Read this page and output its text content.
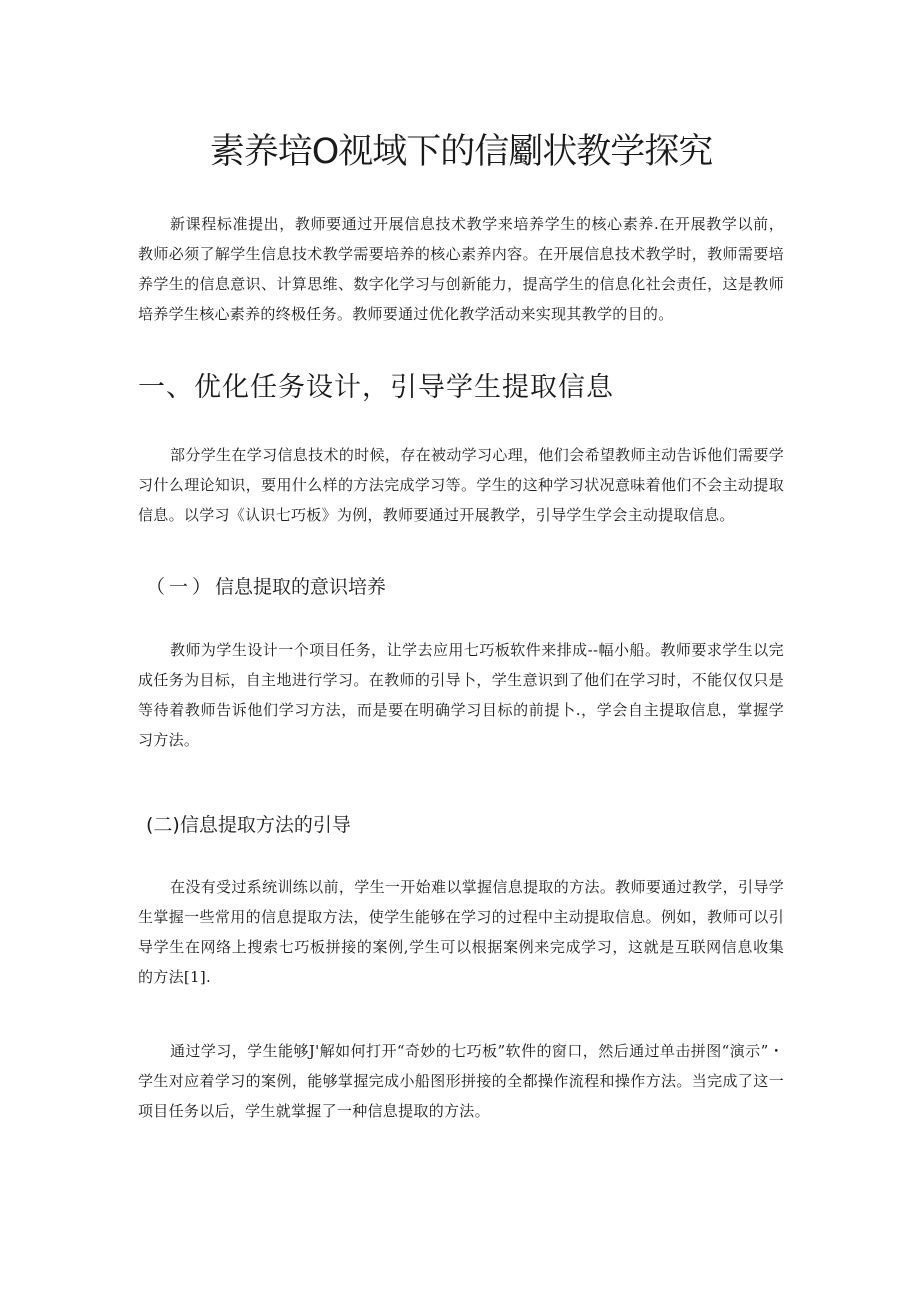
素养培O视域下的信劚状教学探究

新课程标准提出，教师要通过开展信息技术教学来培养学生的核心素养.在开展教学以前，教师必须了解学生信息技术教学需要培养的核心素养内容。在开展信息技术教学时，教师需要培养学生的信息意识、计算思维、数字化学习与创新能力，提高学生的信息化社会责任，这是教师培养学生核心素养的终极任务。教师要通过优化教学活动来实现其教学的目的。

一、优化任务设计，引导学生提取信息

部分学生在学习信息技术的时候，存在被动学习心理，他们会希望教师主动告诉他们需要学习什么理论知识，要用什么样的方法完成学习等。学生的这种学习状况意味着他们不会主动提取信息。以学习《认识七巧板》为例，教师要通过开展教学，引导学生学会主动提取信息。

（一）信息提取的意识培养

教师为学生设计一个项目任务，让学去应用七巧板软件来排成--幅小船。教师要求学生以完成任务为目标，自主地进行学习。在教师的引导卜，学生意识到了他们在学习时，不能仅仅只是等待着教师告诉他们学习方法，而是要在明确学习目标的前提卜.，学会自主提取信息，掌握学习方法。

(二)信息提取方法的引导

在没有受过系统训练以前，学生一开始难以掌握信息提取的方法。教师要通过教学，引导学生掌握一些常用的信息提取方法，使学生能够在学习的过程中主动提取信息。例如，教师可以引导学生在网络上搜索七巧板拼接的案例,学生可以根据案例来完成学习，这就是互联网信息收集的方法[1].

通过学习，学生能够J'解如何打开“奇妙的七巧板”软件的窗口，然后通过单击拼图“演示”・学生对应着学习的案例，能够掌握完成小船图形拼接的全都操作流程和操作方法。当完成了这一项目任务以后，学生就掌握了一种信息提取的方法。
